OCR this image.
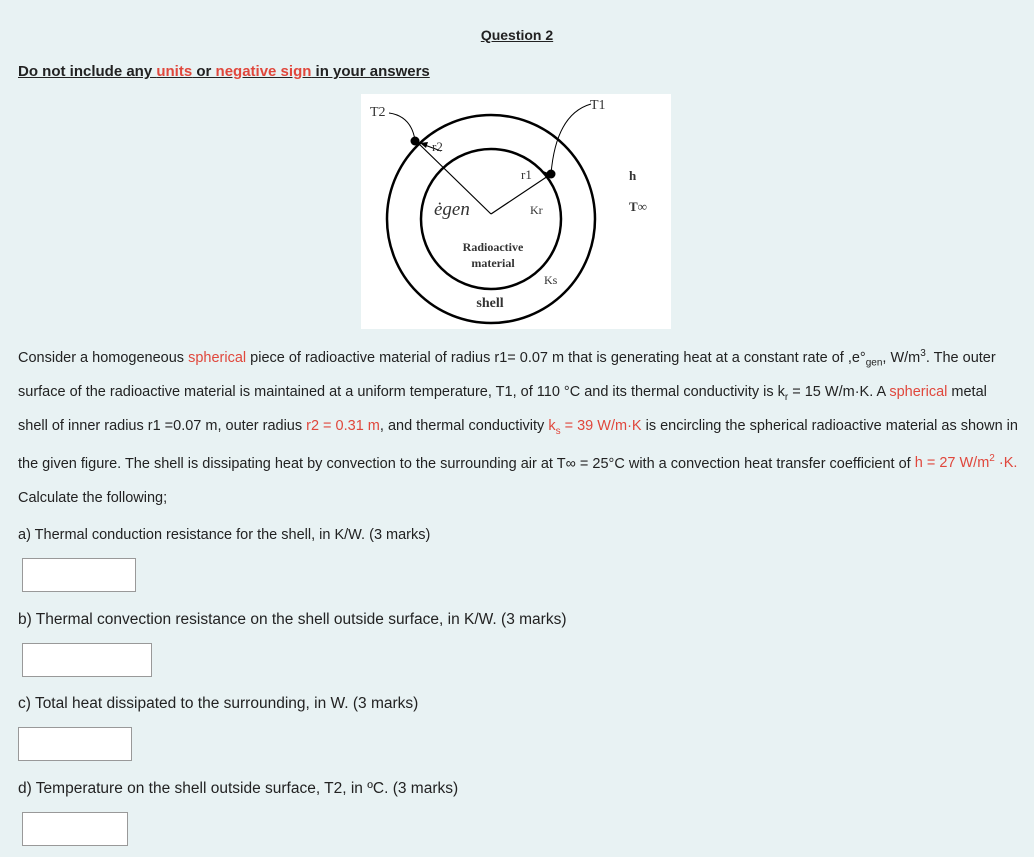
Question 2
Do not include any units or negative sign in your answers
T2	T1
r2
r1
ėgen	Kr
Ks
Radioactive
material
shell
h
T∞
Consider a homogeneous spherical piece of radioactive material of radius r1= 0.07 m that is generating heat at a constant rate of $,e^\circ_{gen}$, $W/m^3$. The outer surface of the radioactive material is maintained at a uniform temperature, T1, of 110 °C and its thermal conductivity is $k_r = 15$ W/m·K. A spherical metal shell of inner radius r1 =0.07 m, outer radius r2 = 0.31 m, and thermal conductivity $k_s = 39$ W/m·K is encircling the spherical radioactive material as shown in the given figure. The shell is dissipating heat by convection to the surrounding air at T∞ = 25°C with a convection heat transfer coefficient of h = 27 $W/m^2 \cdot K$.
Calculate the following;
a) Thermal conduction resistance for the shell, in K/W. (3 marks)
b) Thermal convection resistance on the shell outside surface, in K/W. (3 marks)
c) Total heat dissipated to the surrounding, in W. (3 marks)
d) Temperature on the shell outside surface, T2, in ºC. (3 marks)
